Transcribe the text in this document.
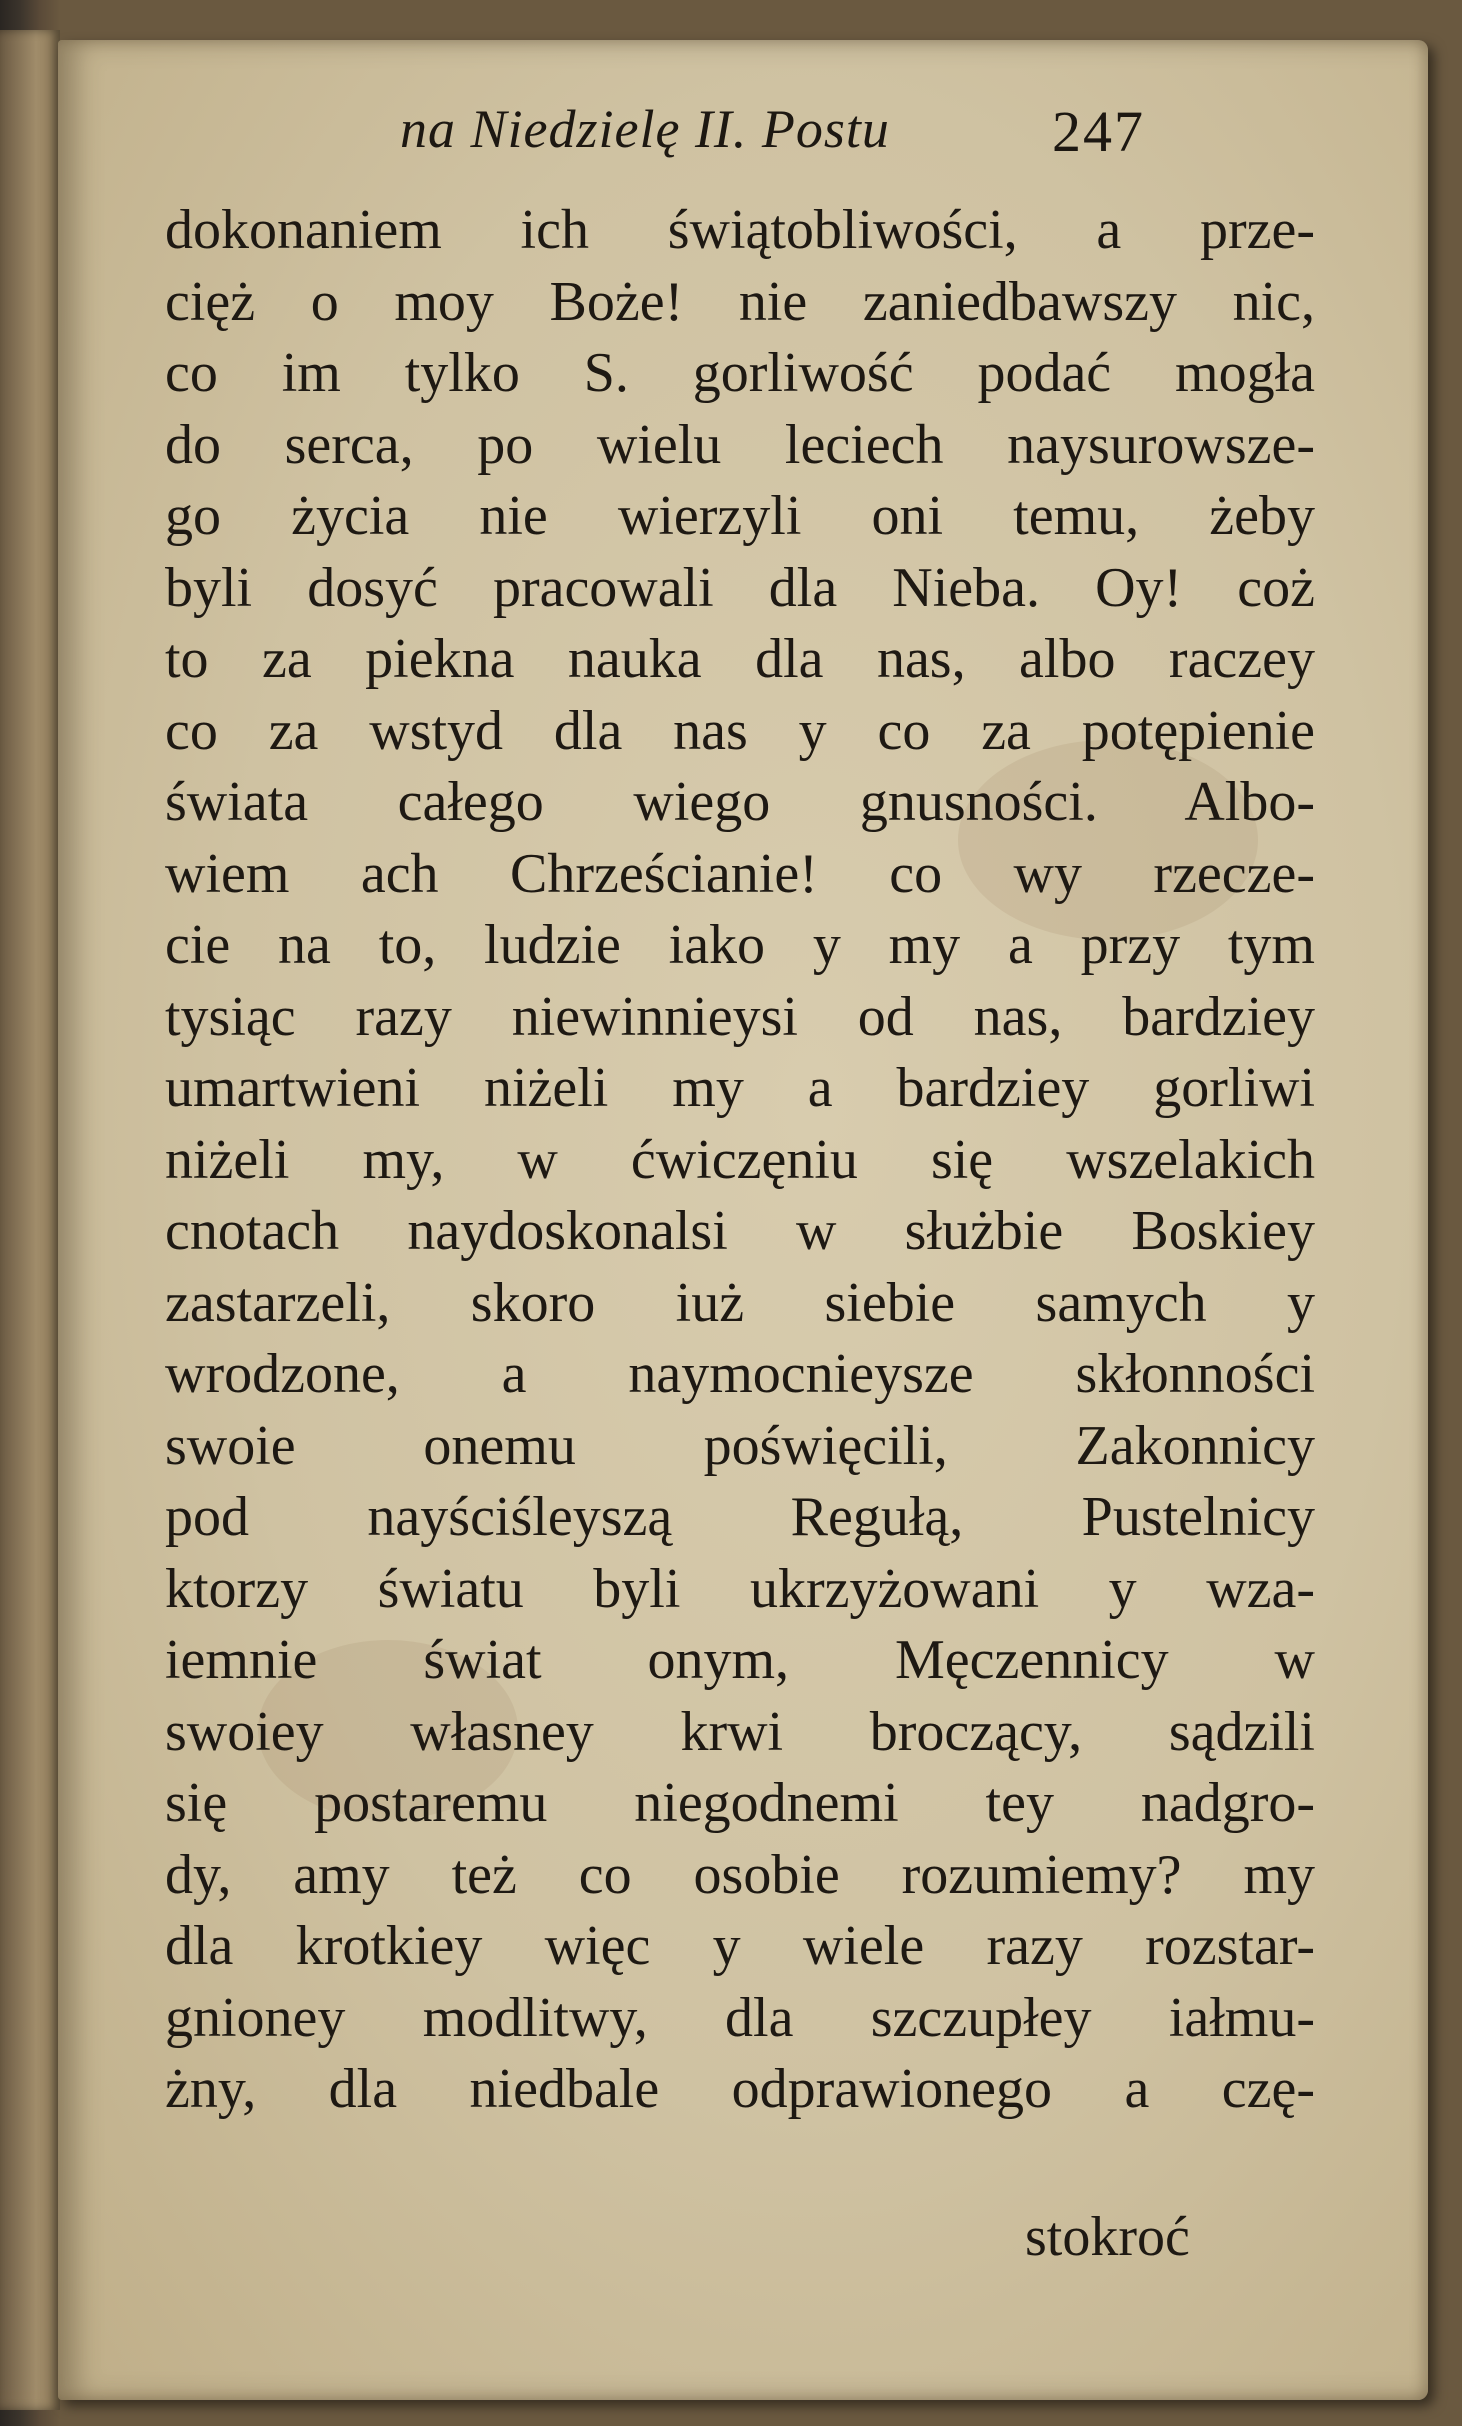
na Niedzielę II. Postu	247
dokonaniem ich świątobliwości, a prze-
cięż o moy Boże! nie zaniedbawszy nic,
co im tylko S. gorliwość podać mogła
do serca, po wielu leciech naysurowsze-
go życia nie wierzyli oni temu, żeby
byli dosyć pracowali dla Nieba. Oy! coż
to za piekna nauka dla nas, albo raczey
co za wstyd dla nas y co za potępienie
świata całego wiego gnusności. Albo-
wiem ach Chrześcianie! co wy rzecze-
cie na to, ludzie iako y my a przy tym
tysiąc razy niewinnieysi od nas, bardziey
umartwieni niżeli my a bardziey gorliwi
niżeli my, w ćwiczęniu się wszelakich
cnotach naydoskonalsi w służbie Boskiey
zastarzeli, skoro iuż siebie samych y
wrodzone, a naymocnieysze skłonności
swoie onemu poświęcili, Zakonnicy
pod nayściśleyszą Regułą, Pustelnicy
ktorzy światu byli ukrzyżowani y wza-
iemnie świat onym, Męczennicy w
swoiey własney krwi broczący, sądzili
się postaremu niegodnemi tey nadgro-
dy, amy też co osobie rozumiemy? my
dla krotkiey więc y wiele razy rozstar-
gnioney modlitwy, dla szczupłey iałmu-
żny, dla niedbale odprawionego a czę-
stokroć
